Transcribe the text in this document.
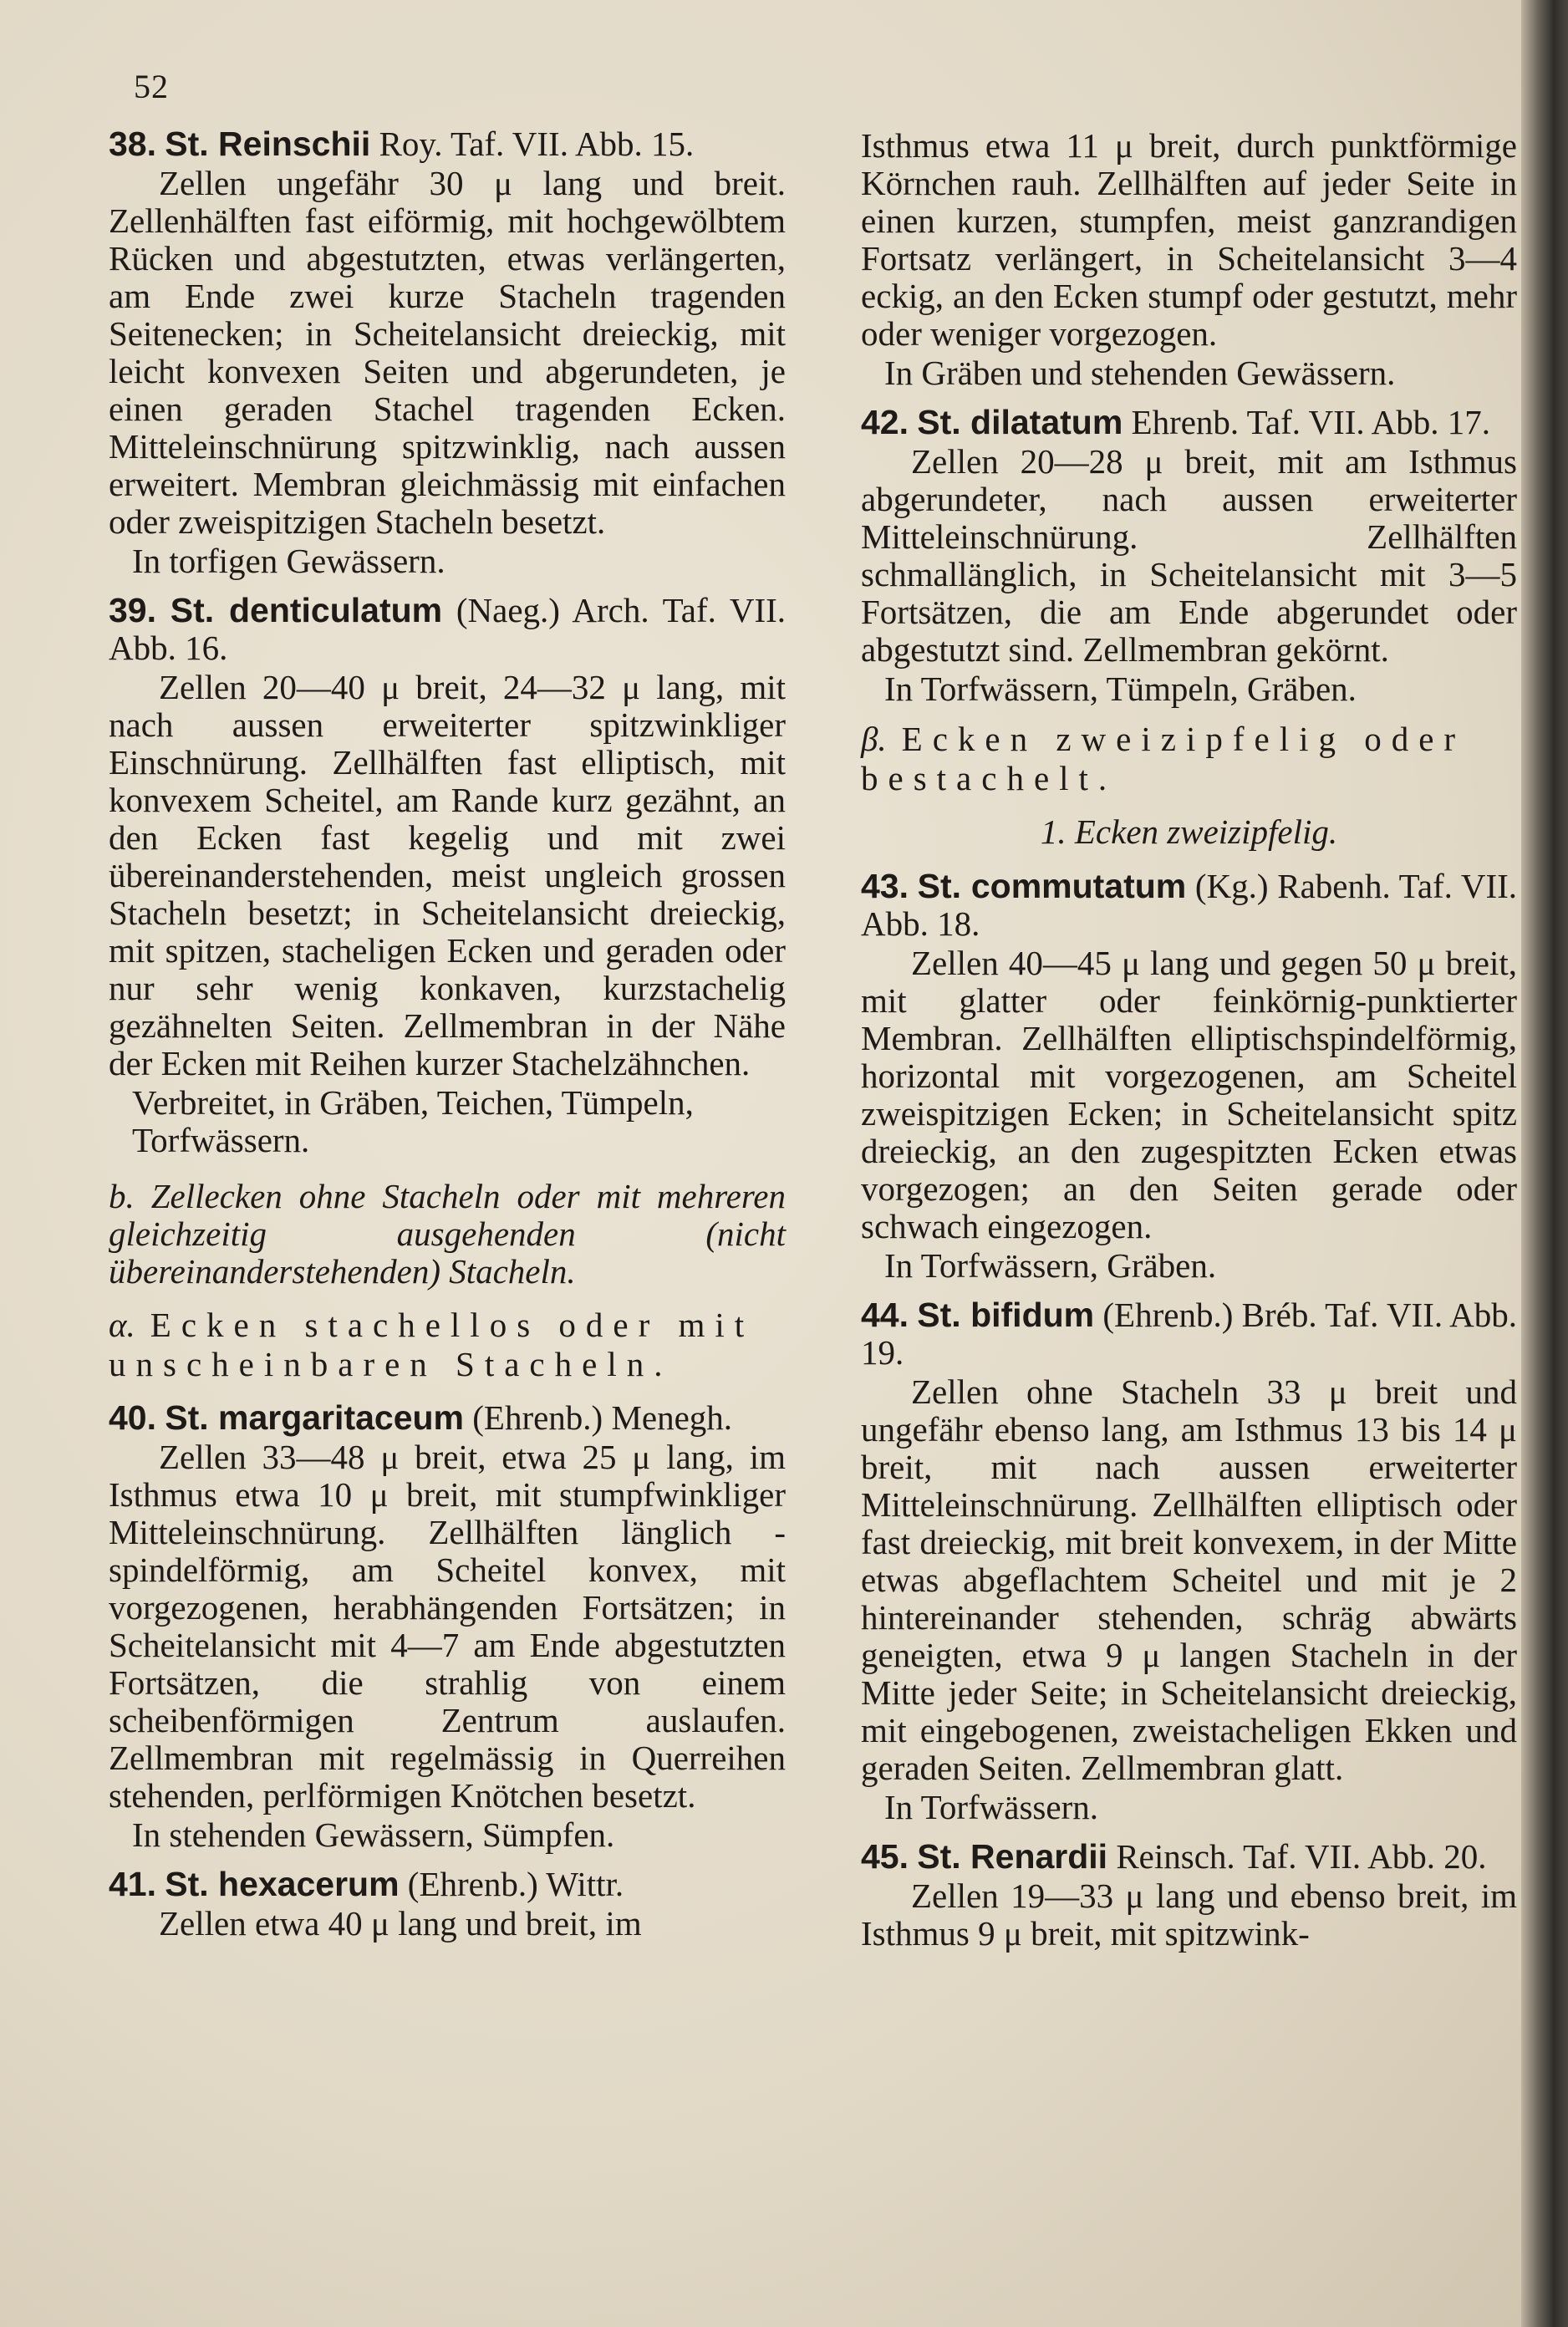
52
38. St. Reinschii Roy. Taf. VII. Abb. 15.
Zellen ungefähr 30 μ lang und breit. Zellenhälften fast eiförmig, mit hochgewölbtem Rücken und abgestutzten, etwas verlängerten, am Ende zwei kurze Stacheln tragenden Seitenecken; in Scheitelansicht dreieckig, mit leicht konvexen Seiten und abgerundeten, je einen geraden Stachel tragenden Ecken. Mitteleinschnürung spitzwinklig, nach aussen erweitert. Membran gleichmässig mit einfachen oder zweispitzigen Stacheln besetzt.
In torfigen Gewässern.
39. St. denticulatum (Naeg.) Arch. Taf. VII. Abb. 16.
Zellen 20—40 μ breit, 24—32 μ lang, mit nach aussen erweiterter spitzwinkliger Einschnürung. Zellhälften fast elliptisch, mit konvexem Scheitel, am Rande kurz gezähnt, an den Ecken fast kegelig und mit zwei übereinanderstehenden, meist ungleich grossen Stacheln besetzt; in Scheitelansicht dreieckig, mit spitzen, stacheligen Ecken und geraden oder nur sehr wenig konkaven, kurzstachelig gezähnelten Seiten. Zellmembran in der Nähe der Ecken mit Reihen kurzer Stachelzähnchen.
Verbreitet, in Gräben, Teichen, Tümpeln, Torfwässern.
b. Zellecken ohne Stacheln oder mit mehreren gleichzeitig ausgehenden (nicht übereinanderstehenden) Stacheln.
α. Ecken stachellos oder mit unscheinbaren Stacheln.
40. St. margaritaceum (Ehrenb.) Menegh.
Zellen 33—48 μ breit, etwa 25 μ lang, im Isthmus etwa 10 μ breit, mit stumpfwinkliger Mitteleinschnürung. Zellhälften länglich - spindelförmig, am Scheitel konvex, mit vorgezogenen, herabhängenden Fortsätzen; in Scheitelansicht mit 4—7 am Ende abgestutzten Fortsätzen, die strahlig von einem scheibenförmigen Zentrum auslaufen. Zellmembran mit regelmässig in Querreihen stehenden, perlförmigen Knötchen besetzt.
In stehenden Gewässern, Sümpfen.
41. St. hexacerum (Ehrenb.) Wittr.
Zellen etwa 40 μ lang und breit, im
Isthmus etwa 11 μ breit, durch punktförmige Körnchen rauh. Zellhälften auf jeder Seite in einen kurzen, stumpfen, meist ganzrandigen Fortsatz verlängert, in Scheitelansicht 3—4 eckig, an den Ecken stumpf oder gestutzt, mehr oder weniger vorgezogen.
In Gräben und stehenden Gewässern.
42. St. dilatatum Ehrenb. Taf. VII. Abb. 17.
Zellen 20—28 μ breit, mit am Isthmus abgerundeter, nach aussen erweiterter Mitteleinschnürung. Zellhälften schmallänglich, in Scheitelansicht mit 3—5 Fortsätzen, die am Ende abgerundet oder abgestutzt sind. Zellmembran gekörnt.
In Torfwässern, Tümpeln, Gräben.
β. Ecken zweizipfelig oder bestachelt.
1. Ecken zweizipfelig.
43. St. commutatum (Kg.) Rabenh. Taf. VII. Abb. 18.
Zellen 40—45 μ lang und gegen 50 μ breit, mit glatter oder feinkörnig-punktierter Membran. Zellhälften elliptischspindelförmig, horizontal mit vorgezogenen, am Scheitel zweispitzigen Ecken; in Scheitelansicht spitz dreieckig, an den zugespitzten Ecken etwas vorgezogen; an den Seiten gerade oder schwach eingezogen.
In Torfwässern, Gräben.
44. St. bifidum (Ehrenb.) Bréb. Taf. VII. Abb. 19.
Zellen ohne Stacheln 33 μ breit und ungefähr ebenso lang, am Isthmus 13 bis 14 μ breit, mit nach aussen erweiterter Mitteleinschnürung. Zellhälften elliptisch oder fast dreieckig, mit breit konvexem, in der Mitte etwas abgeflachtem Scheitel und mit je 2 hintereinander stehenden, schräg abwärts geneigten, etwa 9 μ langen Stacheln in der Mitte jeder Seite; in Scheitelansicht dreieckig, mit eingebogenen, zweistacheligen Ekken und geraden Seiten. Zellmembran glatt.
In Torfwässern.
45. St. Renardii Reinsch. Taf. VII. Abb. 20.
Zellen 19—33 μ lang und ebenso breit, im Isthmus 9 μ breit, mit spitzwink-
